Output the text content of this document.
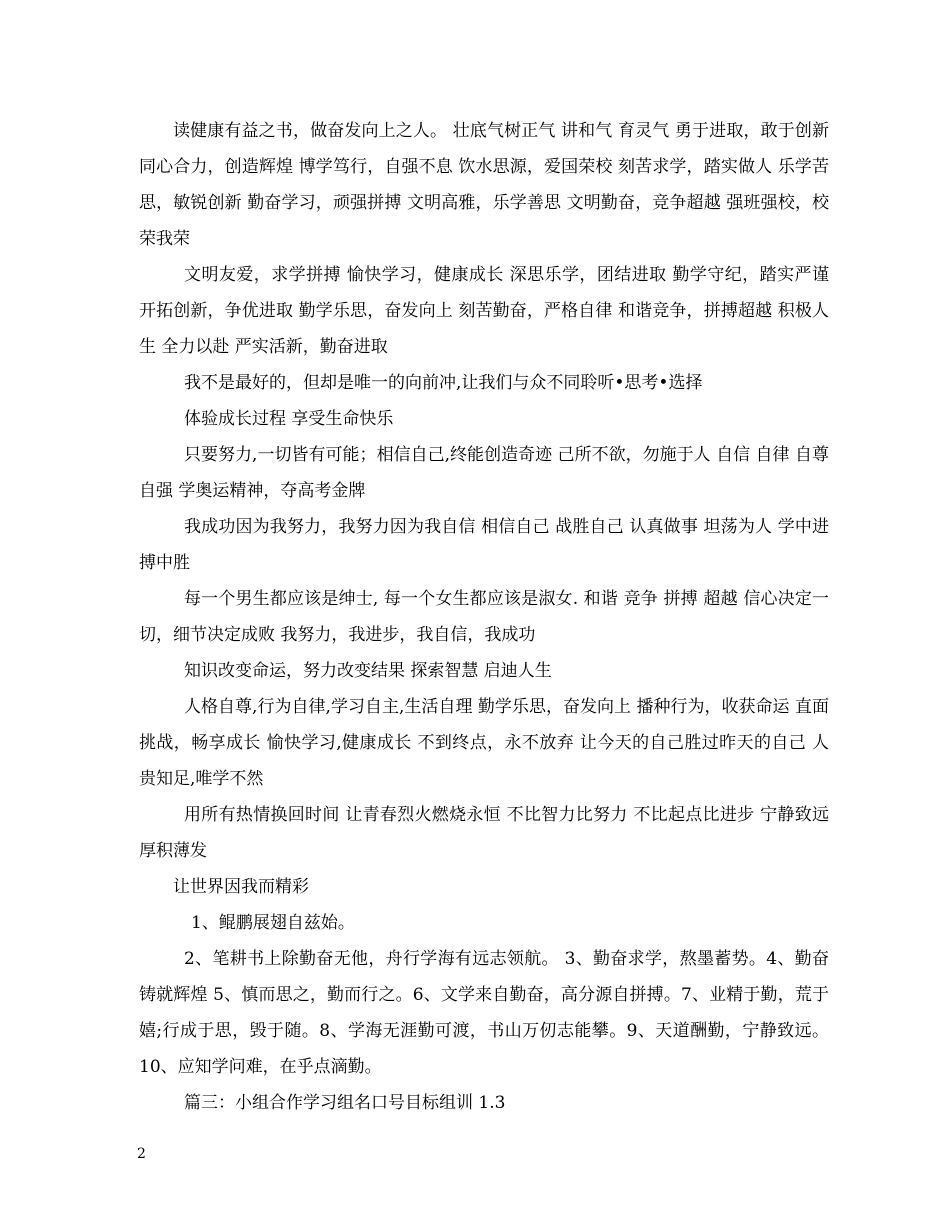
读健康有益之书，做奋发向上之人。 壮底气树正气 讲和气 育灵气 勇于进取，敢于创新 同心合力，创造辉煌 博学笃行，自强不息 饮水思源，爱国荣校 刻苦求学，踏实做人 乐学苦思，敏锐创新 勤奋学习，顽强拼搏 文明高雅，乐学善思 文明勤奋，竞争超越 强班强校，校荣我荣

文明友爱，求学拼搏 愉快学习，健康成长 深思乐学，团结进取 勤学守纪，踏实严谨 开拓创新，争优进取 勤学乐思，奋发向上 刻苦勤奋，严格自律 和谐竞争，拼搏超越 积极人生 全力以赴 严实活新，勤奋进取

我不是最好的，但却是唯一的向前冲,让我们与众不同聆听•思考•选择

体验成长过程 享受生命快乐

只要努力,一切皆有可能；相信自己,终能创造奇迹 己所不欲，勿施于人 自信 自律 自尊 自强 学奥运精神，夺高考金牌

我成功因为我努力，我努力因为我自信 相信自己 战胜自己 认真做事 坦荡为人 学中进 搏中胜

每一个男生都应该是绅士, 每一个女生都应该是淑女. 和谐 竞争 拼搏 超越 信心决定一切，细节决定成败 我努力，我进步，我自信，我成功

知识改变命运，努力改变结果 探索智慧 启迪人生

人格自尊,行为自律,学习自主,生活自理 勤学乐思，奋发向上 播种行为，收获命运 直面挑战，畅享成长 愉快学习,健康成长 不到终点，永不放弃 让今天的自己胜过昨天的自己 人贵知足,唯学不然

用所有热情换回时间 让青春烈火燃烧永恒 不比智力比努力 不比起点比进步 宁静致远 厚积薄发

让世界因我而精彩

1、鲲鹏展翅自兹始。

2、笔耕书上除勤奋无他，舟行学海有远志领航。 3、勤奋求学，熬墨蓄势。4、勤奋铸就辉煌 5、慎而思之，勤而行之。6、文学来自勤奋，高分源自拼搏。7、业精于勤，荒于嬉;行成于思，毁于随。8、学海无涯勤可渡，书山万仞志能攀。9、天道酬勤，宁静致远。10、应知学问难，在乎点滴勤。

篇三：小组合作学习组名口号目标组训 1.3

2
